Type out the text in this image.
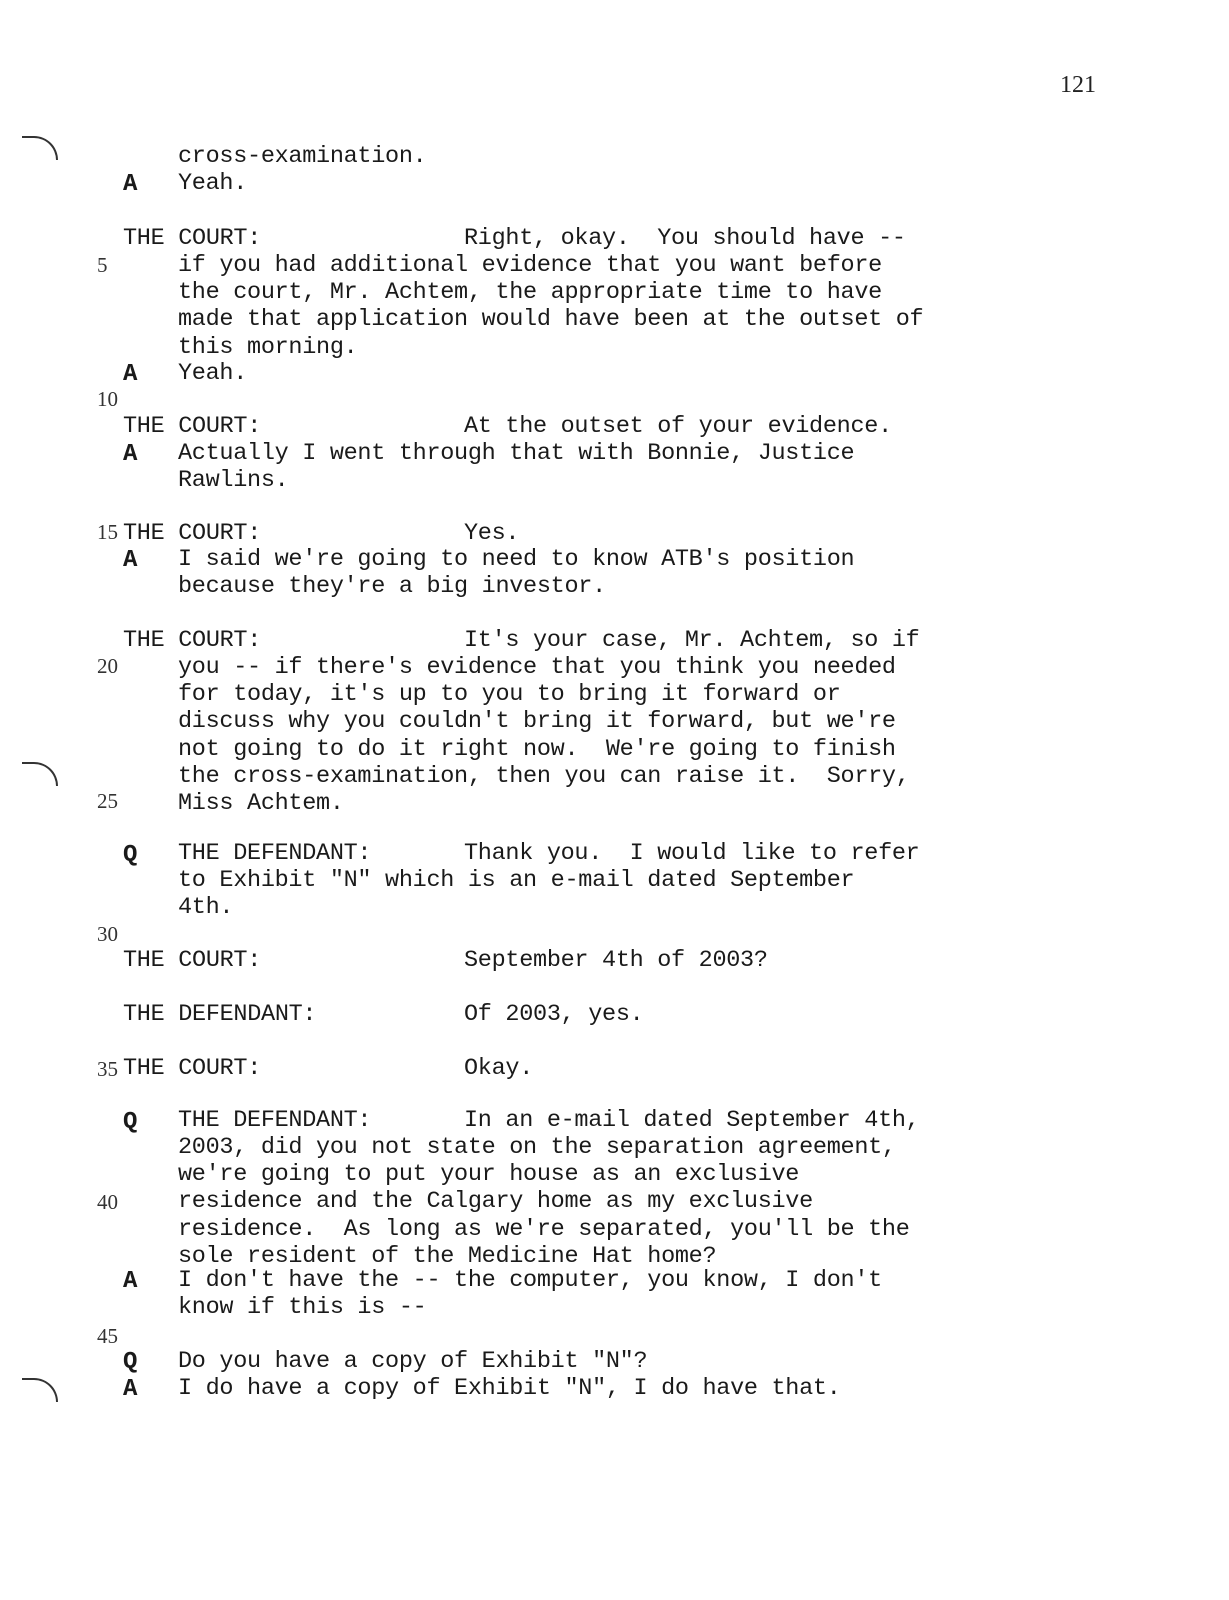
121
5
10
15
20
25
30
35
40
45
cross-examination.
A	Yeah.
THE COURT:	Right, okay.  You should have --
if you had additional evidence that you want before
the court, Mr. Achtem, the appropriate time to have
made that application would have been at the outset of
this morning.
A	Yeah.
THE COURT:	At the outset of your evidence.
A	Actually I went through that with Bonnie, Justice
Rawlins.
THE COURT:	Yes.
A	I said we're going to need to know ATB's position
because they're a big investor.
THE COURT:	It's your case, Mr. Achtem, so if
you -- if there's evidence that you think you needed
for today, it's up to you to bring it forward or
discuss why you couldn't bring it forward, but we're
not going to do it right now.  We're going to finish
the cross-examination, then you can raise it.  Sorry,
Miss Achtem.
Q	THE DEFENDANT:	Thank you.  I would like to refer
to Exhibit "N" which is an e-mail dated September
4th.
THE COURT:	September 4th of 2003?
THE DEFENDANT:	Of 2003, yes.
THE COURT:	Okay.
Q	THE DEFENDANT:	In an e-mail dated September 4th,
2003, did you not state on the separation agreement,
we're going to put your house as an exclusive
residence and the Calgary home as my exclusive
residence.  As long as we're separated, you'll be the
sole resident of the Medicine Hat home?
A	I don't have the -- the computer, you know, I don't
know if this is --
Q	Do you have a copy of Exhibit "N"?
A	I do have a copy of Exhibit "N", I do have that.
